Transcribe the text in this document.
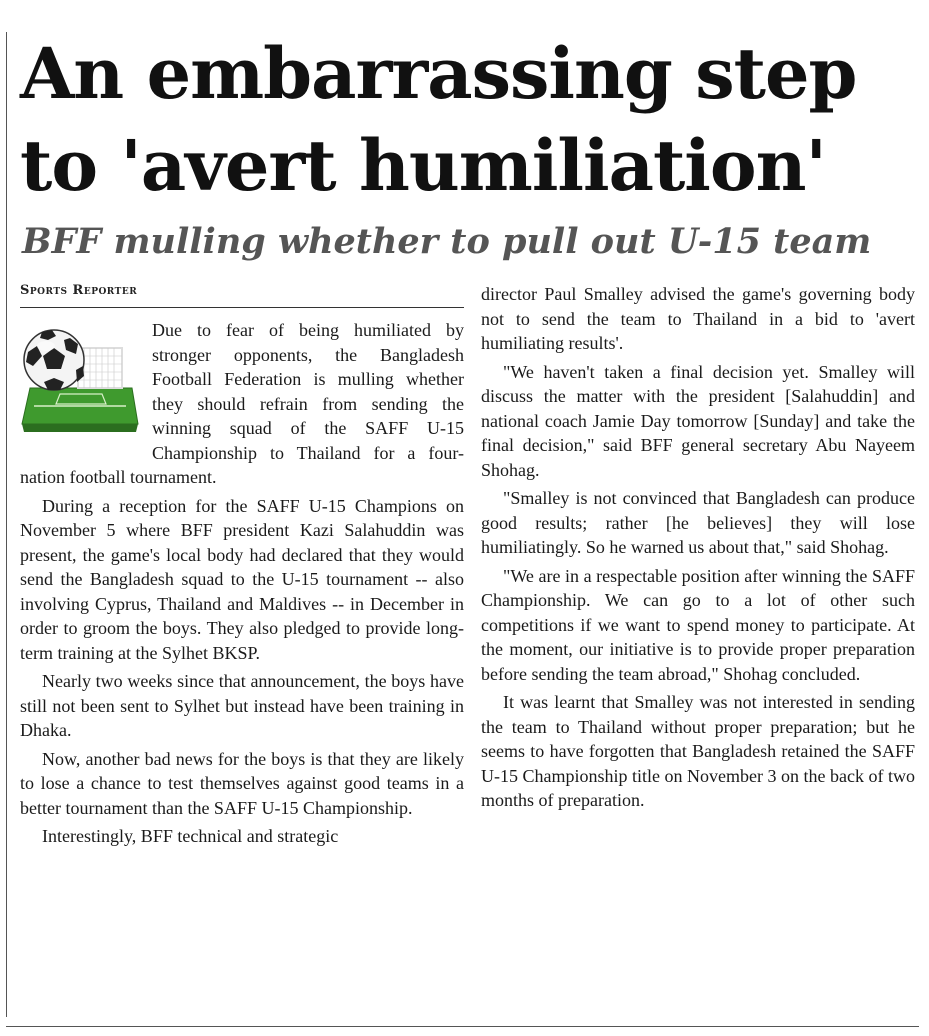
An embarrassing step
to 'avert humiliation'
BFF mulling whether to pull out U-15 team
Sports Reporter

Due to fear of being humiliated by stronger opponents, the Bangladesh Football Federation is mulling whether they should refrain from sending the winning squad of the SAFF U-15 Championship to Thailand for a four-nation football tournament.

During a reception for the SAFF U-15 Champions on November 5 where BFF president Kazi Salahuddin was present, the game's local body had declared that they would send the Bangladesh squad to the U-15 tournament -- also involving Cyprus, Thailand and Maldives -- in December in order to groom the boys. They also pledged to provide long-term training at the Sylhet BKSP.

Nearly two weeks since that announcement, the boys have still not been sent to Sylhet but instead have been training in Dhaka.

Now, another bad news for the boys is that they are likely to lose a chance to test themselves against good teams in a better tournament than the SAFF U-15 Championship.

Interestingly, BFF technical and strategic

director Paul Smalley advised the game's governing body not to send the team to Thailand in a bid to 'avert humiliating results'.

"We haven't taken a final decision yet. Smalley will discuss the matter with the president [Salahuddin] and national coach Jamie Day tomorrow [Sunday] and take the final decision," said BFF general secretary Abu Nayeem Shohag.

"Smalley is not convinced that Bangladesh can produce good results; rather [he believes] they will lose humiliatingly. So he warned us about that," said Shohag.

"We are in a respectable position after winning the SAFF Championship. We can go to a lot of other such competitions if we want to spend money to participate. At the moment, our initiative is to provide proper preparation before sending the team abroad," Shohag concluded.

It was learnt that Smalley was not interested in sending the team to Thailand without proper preparation; but he seems to have forgotten that Bangladesh retained the SAFF U-15 Championship title on November 3 on the back of two months of preparation.
